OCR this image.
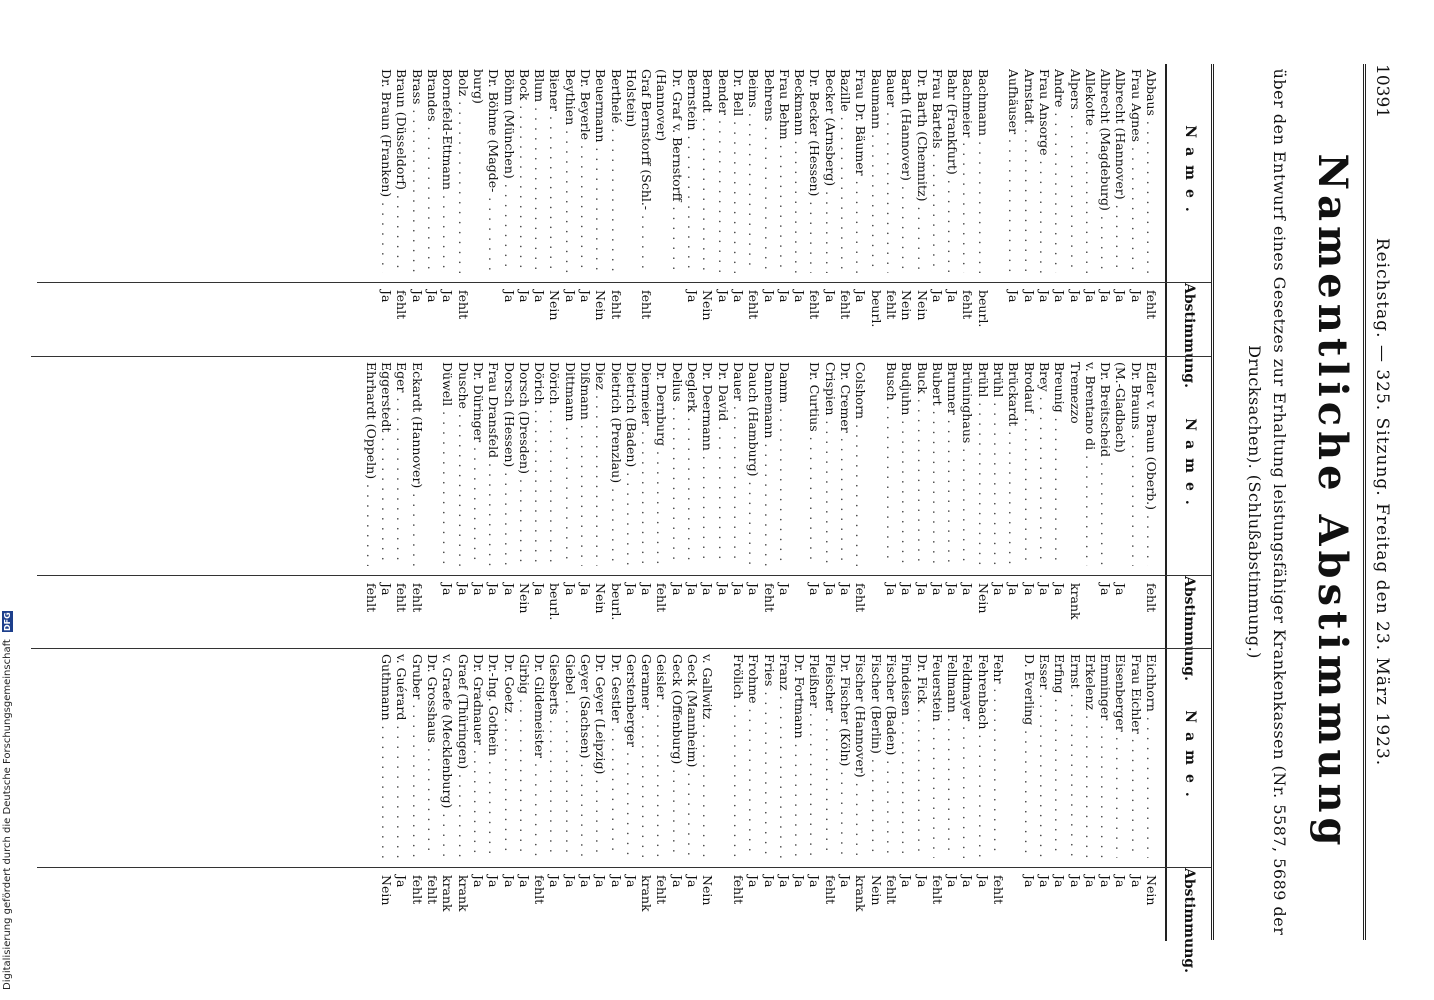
10391
Reichstag. — 325. Sitzung. Freitag den 23. März 1923.
Namentliche Abstimmung
über den Entwurf eines Gesetzes zur Erhaltung leistungsfähiger Krankenkassen (Nr. 5587, 5689 der Drucksachen). (Schlußabstimmung.)
Name.
Abstimmung.
Abbaus . . .
fehlt
Frau Agnes . . .
Ja
Albrecht (Hannover) . . .
Ja
Albrecht (Magdeburg) . . .
Ja
Allekotte . . .
Ja
Alpers . . .
Ja
Andre . . .
Ja
Frau Ansorge . . .
Ja
Arnstadt . . .
Ja
Aufhäuser . . .
Ja
Bachmann . . .
beurl.
Bachmeier . . .
fehlt
Bahr (Frankfurt) . . .
Ja
Frau Bartels . . .
Ja
Dr. Barth (Chemnitz) . . .
Nein
Barth (Hannover) . . .
Nein
Bauer . . .
fehlt
Baumann . . .
beurl.
Frau Dr. Bäumer . . .
Ja
Bazille . . .
fehlt
Becker (Arnsberg) . . .
Ja
Dr. Becker (Hessen) . . .
fehlt
Beckmann . . .
Ja
Frau Behm . . .
Ja
Behrens . . .
Ja
Beims . . .
fehlt
Dr. Bell . . .
Ja
Bender . . .
Ja
Berndt . . .
Nein
Bernstein . . .
Ja
Dr. Graf v. Bernstorff . . .
(Hannover)
Graf Bernstorff (Schl.- . . .
fehlt
Holstein)
Berthelé . . .
fehlt
Beuermann . . .
Nein
Dr. Beyerle . . .
Ja
Beythien . . .
Ja
Biener . . .
Nein
Blum . . .
Ja
Bock . . .
Ja
Böhm (München) . . .
Ja
Dr. Böhme (Magde- . . .
burg)
Bolz . . .
fehlt
Bornefeld-Ettmann . . .
Ja
Brandes . . .
Ja
Brass . . .
Ja
Braun (Düsseldorf) . . .
fehlt
Dr. Braun (Franken) . . .
Ja
Name.
Abstimmung.
Edler v. Braun (Oberb.) . . .
fehlt
Dr. Brauns . . .
(M.-Gladbach)
Ja
Dr. Breitscheid . . .
Ja
v. Brentano di . . .
Tremezzo
krank
Breunig . . .
Ja
Brey . . .
Ja
Brodauf . . .
Ja
Brückardt . . .
Ja
Brühl . . .
Ja
Brühl . . .
Nein
Brüninghaus . . .
Ja
Brunner . . .
Ja
Bubert . . .
Ja
Buck . . .
Ja
Budjuhn . . .
Ja
Busch . . .
Ja
Colshorn . . .
fehlt
Dr. Cremer . . .
Ja
Crispien . . .
Ja
Dr. Curtius . . .
Ja
Damm . . .
Ja
Dannemann . . .
fehlt
Dauch (Hamburg) . . .
Ja
Dauer . . .
Ja
Dr. David . . .
Ja
Dr. Deermann . . .
Ja
Deglerk . . .
Ja
Delius . . .
Ja
Dr. Dernburg . . .
fehlt
Diermeier . . .
Ja
Dietrich (Baden) . . .
Ja
Dietrich (Prenzlau) . . .
beurl.
Diez . . .
Nein
Dißmann . . .
Ja
Dittmann . . .
Ja
Dörich . . .
beurl.
Dörich . . .
Ja
Dorsch (Dresden) . . .
Nein
Dorsch (Hessen) . . .
Ja
Frau Dransfeld . . .
Ja
Dr. Düringer . . .
Ja
Dusche . . .
Ja
Düwell . . .
Ja
Eckardt (Hannover) . . .
fehlt
Eger . . .
fehlt
Eggerstedt . . .
Ja
Ehrhardt (Oppeln) . . .
fehlt
Name.
Abstimmung.
Eichhorn . . .
Nein
Frau Eichler . . .
Ja
Eisenberger . . .
Ja
Emminger . . .
Ja
Erkelenz . . .
Ja
Ernst . . .
Ja
Erfing . . .
Ja
Esser . . .
Ja
D. Everling . . .
Ja
Fehr . . .
fehlt
Fehrenbach . . .
Ja
Feldmayer . . .
Ja
Fellmann . . .
Ja
Feuerstein . . .
fehlt
Dr. Fick . . .
Ja
Findeisen . . .
Ja
Fischer (Baden) . . .
fehlt
Fischer (Berlin) . . .
Nein
Fischer (Hannover) . . .
krank
Dr. Fischer (Köln) . . .
Ja
Fleischer . . .
fehlt
Fleißner . . .
Ja
Dr. Fortmann . . .
Ja
Franz . . .
Ja
Fries . . .
Ja
Frohme . . .
Ja
Frölich . . .
fehlt
v. Gallwitz . . .
Nein
Geck (Mannheim) . . .
Ja
Geck (Offenburg) . . .
Ja
Geisler . . .
fehlt
Geramer . . .
krank
Gerstenberger . . .
Ja
Dr. Gestler . . .
Ja
Dr. Geyer (Leipzig) . . .
Ja
Geyer (Sachsen) . . .
Ja
Giebel . . .
Ja
Giesberts . . .
Ja
Dr. Gildemeister . . .
fehlt
Girbig . . .
Ja
Dr. Goetz . . .
Ja
Dr.-Ing. Gothein . . .
Ja
Dr. Gradnauer . . .
Ja
Graef (Thüringen) . . .
krank
v. Graefe (Mecklenburg) . . .
krank
Dr. Grosshaus . . .
fehlt
Gruber . . .
fehlt
v. Guérard . . .
Ja
Guthmann . . .
Nein
Digitalisierung gefördert durch die Deutsche Forschungsgemeinschaft DFG
